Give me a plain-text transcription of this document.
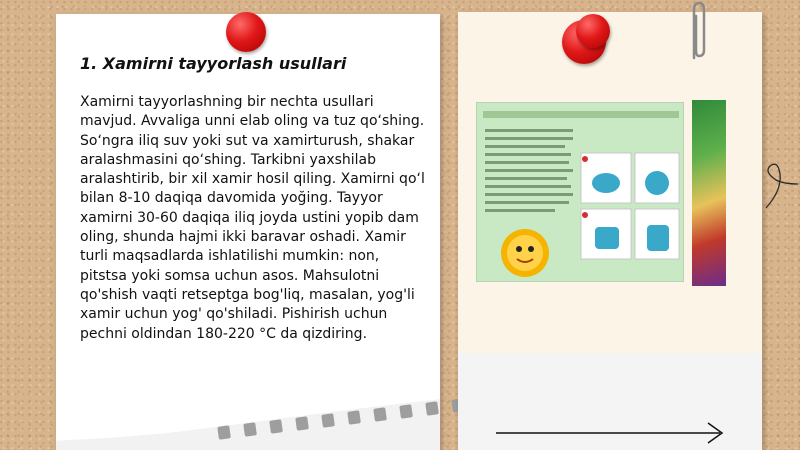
1. Xamirni tayyorlash usullari
Xamirni tayyorlashning bir nechta usullari mavjud. Avvaliga unni elab oling va tuz qo‘shing. So‘ngra iliq suv yoki sut va xamirturush, shakar aralashmasini qo‘shing. Tarkibni yaxshilab aralashtirib, bir xil xamir hosil qiling. Xamirni qo‘l bilan 8-10 daqiqa davomida yoğing. Tayyor xamirni 30-60 daqiqa iliq joyda ustini yopib dam oling, shunda hajmi ikki baravar oshadi. Xamir turli maqsadlarda ishlatilishi mumkin: non, pitstsa yoki somsa uchun asos. Mahsulotni qo'shish vaqti retseptga bog'liq, masalan, yog'li xamir uchun yog' qo'shiladi. Pishirish uchun pechni oldindan 180-220 °C da qizdiring.
